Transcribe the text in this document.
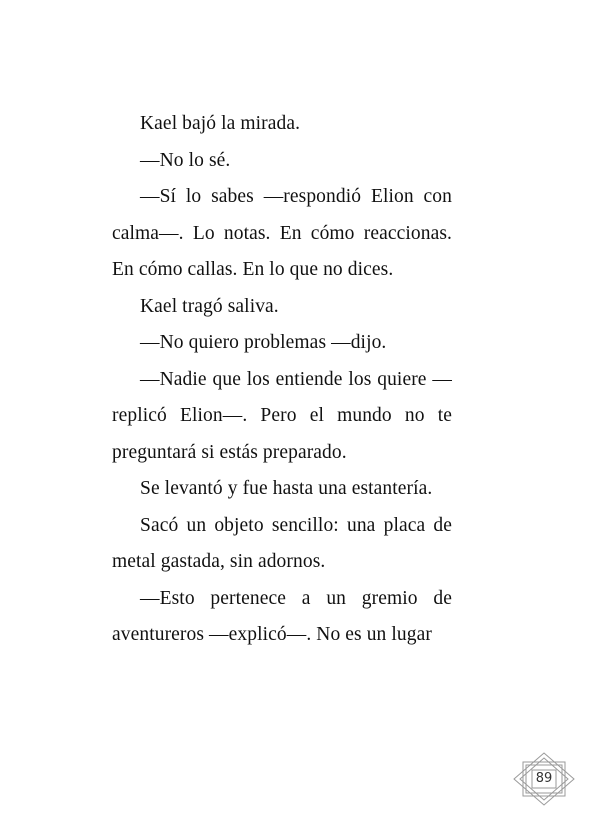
Kael bajó la mirada.

—No lo sé.

—Sí lo sabes —respondió Elion con calma—. Lo notas. En cómo reaccionas. En cómo callas. En lo que no dices.

Kael tragó saliva.

—No quiero problemas —dijo.

—Nadie que los entiende los quiere —replicó Elion—. Pero el mundo no te preguntará si estás preparado.

Se levantó y fue hasta una estantería.

Sacó un objeto sencillo: una placa de metal gastada, sin adornos.

—Esto pertenece a un gremio de aventureros —explicó—. No es un lugar

89
